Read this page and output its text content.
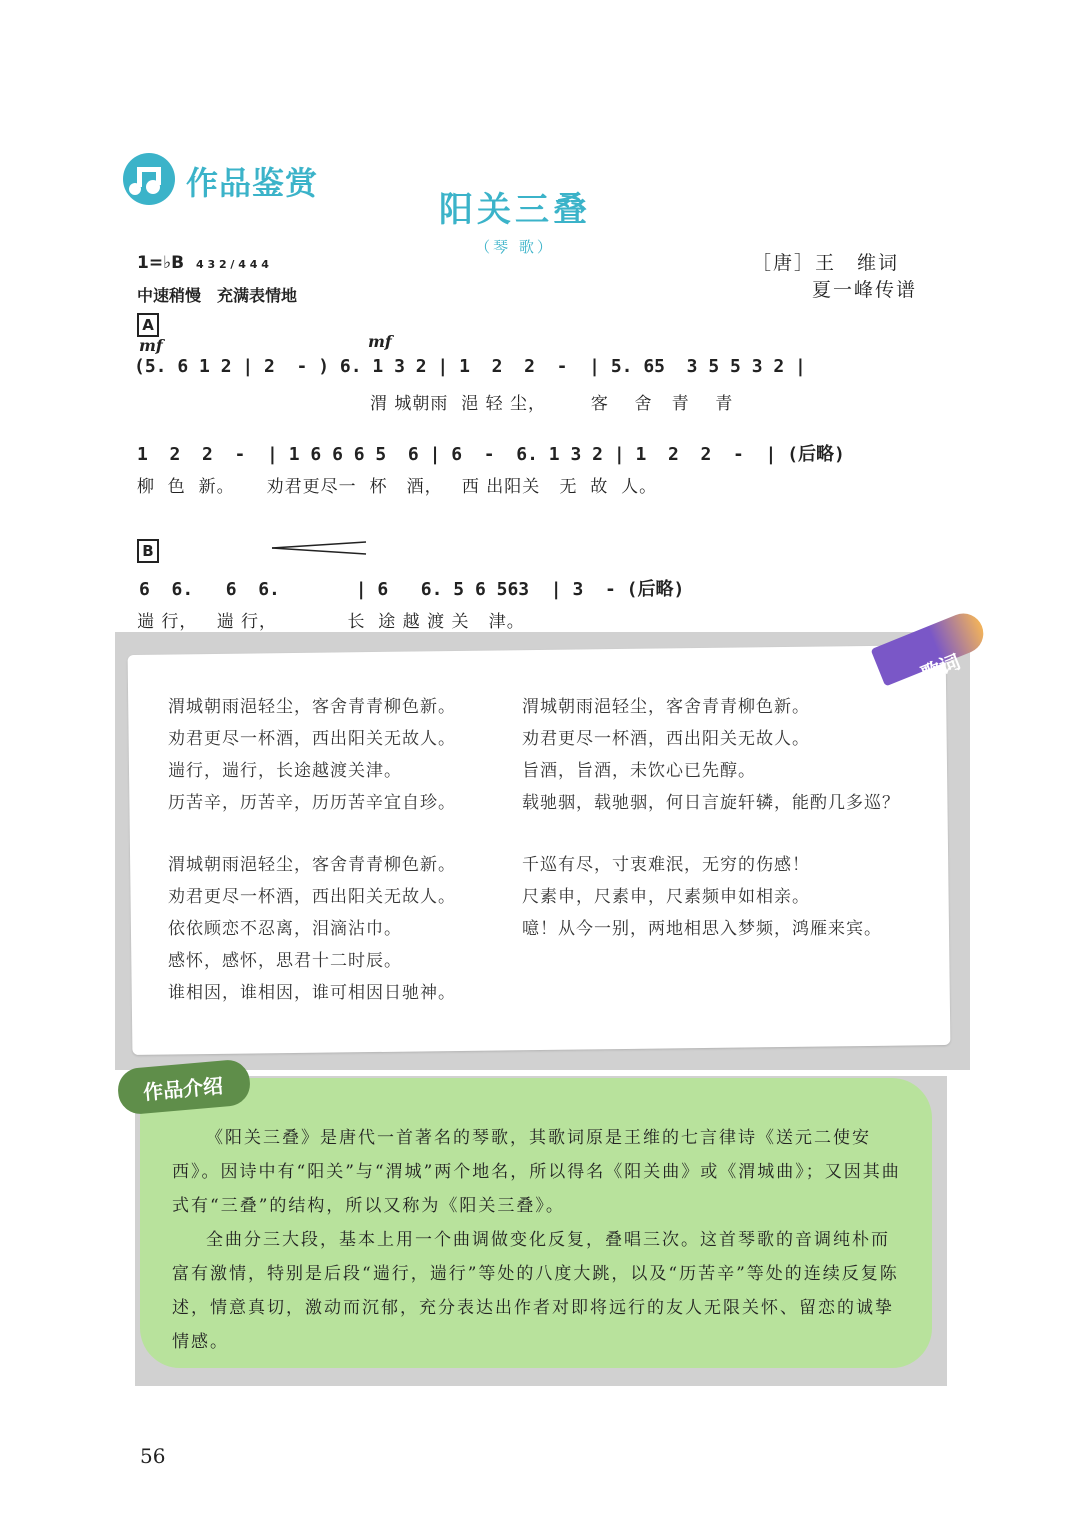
作品鉴赏
阳关三叠
（琴 歌）
［唐］王　维词
夏一峰传谱
1=♭B 4 3 2 / 4 4 4
中速稍慢　充满表情地
A
mf	mf
(5. 6 1 2 | 2  - ) 6. 1 3 2 | 1  2  2  -  | 5. 65  3 5 5 3 2 |
渭 城朝雨  浥 轻 尘，       客    舍   青    青
1  2  2  -  | 1 6 6 6 5  6 | 6  -  6. 1 3 2 | 1  2  2  -  | (后略)
柳  色  新。     劝君更尽一  杯   酒，   西 出阳关   无  故  人。
B
6  6.   6  6.       | 6   6. 5 6 563  | 3  - (后略)
遄 行，   遄 行，           长  途 越 渡 关   津。
歌词
渭城朝雨浥轻尘，客舍青青柳色新。
劝君更尽一杯酒，西出阳关无故人。
遄行，遄行，长途越渡关津。
历苦辛，历苦辛，历历苦辛宜自珍。
渭城朝雨浥轻尘，客舍青青柳色新。
劝君更尽一杯酒，西出阳关无故人。
依依顾恋不忍离，泪滴沾巾。
感怀，感怀，思君十二时辰。
谁相因，谁相因，谁可相因日驰神。
渭城朝雨浥轻尘，客舍青青柳色新。
劝君更尽一杯酒，西出阳关无故人。
旨酒，旨酒，未饮心已先醇。
载驰骃，载驰骃，何日言旋轩辚，能酌几多巡？
千巡有尽，寸衷难泯，无穷的伤感！
尺素申，尺素申，尺素频申如相亲。
噫！从今一别，两地相思入梦频，鸿雁来宾。
作品介绍

《阳关三叠》是唐代一首著名的琴歌，其歌词原是王维的七言律诗《送元二使安西》。因诗中有“阳关”与“渭城”两个地名，所以得名《阳关曲》或《渭城曲》；又因其曲式有“三叠”的结构，所以又称为《阳关三叠》。

全曲分三大段，基本上用一个曲调做变化反复，叠唱三次。这首琴歌的音调纯朴而富有激情，特别是后段“遄行，遄行”等处的八度大跳，以及“历苦辛”等处的连续反复陈述，情意真切，激动而沉郁，充分表达出作者对即将远行的友人无限关怀、留恋的诚挚情感。

56
